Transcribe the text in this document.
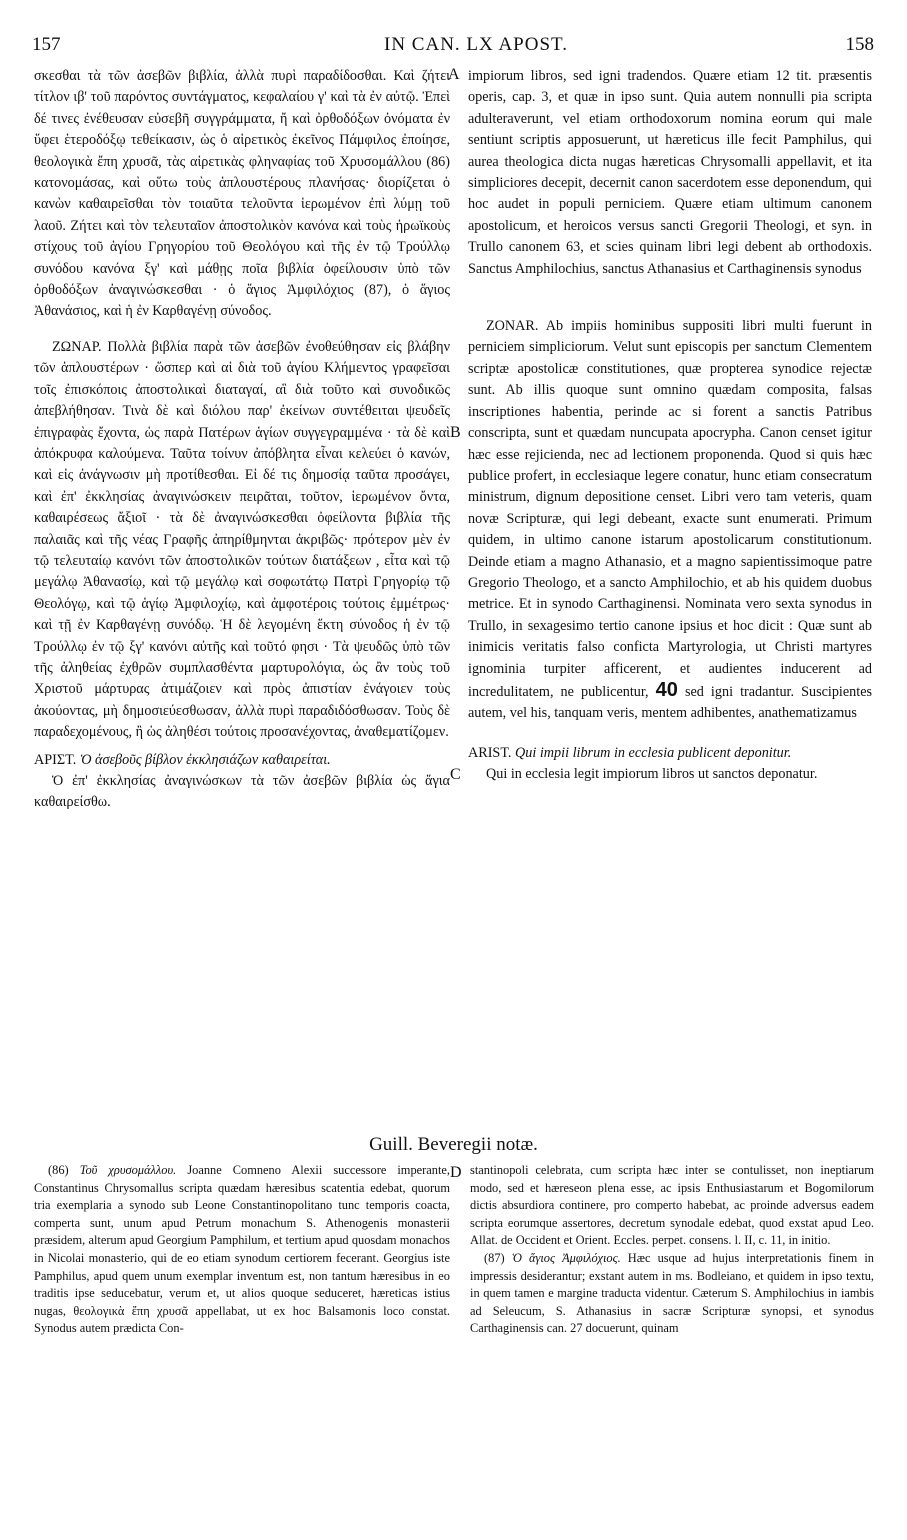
157	IN CAN. LX APOST.	158
A
B
C
D

σκεσθαι τὰ τῶν ἀσεβῶν βιβλία, ἀλλὰ πυρὶ παραδίδοσθαι. Καὶ ζήτει τίτλον ιβ' τοῦ παρόντος συντάγματος, κεφαλαίου γ' καὶ τὰ ἐν αὐτῷ. Ἐπεὶ δέ τινες ἐνέθευσαν εὐσεβῆ συγγράμματα, ἤ καὶ ὀρθοδόξων ὀνόματα ἐν ὕφει ἑτεροδόξῳ τεθείκασιν, ὡς ὁ αἱρετικὸς ἐκεῖνος Πάμφιλος ἐποίησε, θεολογικὰ ἔπη χρυσᾶ, τὰς αἱρετικὰς φληναφίας τοῦ Χρυσομάλλου (86) κατονομάσας, καὶ οὕτω τοὺς ἁπλουστέρους πλανήσας· διορίζεται ὁ κανὼν καθαιρεῖσθαι τὸν τοιαῦτα τελοῦντα ἱερωμένον ἐπὶ λύμῃ τοῦ λαοῦ. Ζήτει καὶ τὸν τελευταῖον ἀποστολικὸν κανόνα καὶ τοὺς ἡρωϊκοὺς στίχους τοῦ ἁγίου Γρηγορίου τοῦ Θεολόγου καὶ τῆς ἐν τῷ Τρούλλῳ συνόδου κανόνα ξγ' καὶ μάθῃς ποῖα βιβλία ὀφείλουσιν ὑπὸ τῶν ὀρθοδόξων ἀναγινώσκεσθαι · ὁ ἅγιος Ἀμφιλόχιος (87), ὁ ἅγιος Ἀθανάσιος, καὶ ἡ ἐν Καρθαγένῃ σύνοδος.

ΖΩΝΑΡ. Πολλὰ βιβλία παρὰ τῶν ἀσεβῶν ἐνοθεύθησαν εἰς βλάβην τῶν ἁπλουστέρων · ὥσπερ καὶ αἱ διὰ τοῦ ἁγίου Κλήμεντος γραφεῖσαι τοῖς ἐπισκόποις ἀποστολικαὶ διαταγαί, αἳ διὰ τοῦτο καὶ συνοδικῶς ἀπεβλήθησαν. Τινὰ δὲ καὶ διόλου παρ' ἐκείνων συντέθειται ψευδεῖς ἐπιγραφὰς ἔχοντα, ὡς παρὰ Πατέρων ἁγίων συγγεγραμμένα · τὰ δὲ καὶ ἀπόκρυφα καλούμενα. Ταῦτα τοίνυν ἀπόβλητα εἶναι κελεύει ὁ κανών, καὶ εἰς ἀνάγνωσιν μὴ προτίθεσθαι. Εἰ δέ τις δημοσίᾳ ταῦτα προσάγει, καὶ ἐπ' ἐκκλησίας ἀναγινώσκειν πειρᾶται, τοῦτον, ἱερωμένον ὄντα, καθαιρέσεως ἄξιοῖ · τὰ δὲ ἀναγινώσκεσθαι ὀφείλοντα βιβλία τῆς παλαιᾶς καὶ τῆς νέας Γραφῆς ἀπηρίθμηνται ἀκριβῶς· πρότερον μὲν ἐν τῷ τελευταίῳ κανόνι τῶν ἀποστολικῶν τούτων διατάξεων , εἶτα καὶ τῷ μεγάλῳ Ἀθανασίῳ, καὶ τῷ μεγάλῳ καὶ σοφωτάτῳ Πατρὶ Γρηγορίῳ τῷ Θεολόγῳ, καὶ τῷ ἁγίῳ Ἀμφιλοχίῳ, καὶ ἀμφοτέροις τούτοις ἐμμέτρως· καὶ τῇ ἐν Καρθαγένῃ συνόδῳ. Ἡ δὲ λεγομένη ἕκτη σύνοδος ἡ ἐν τῷ Τρούλλῳ ἐν τῷ ξγ' κανόνι αὐτῆς καὶ τοῦτό φησι · Τὰ ψευδῶς ὑπὸ τῶν τῆς ἀληθείας ἐχθρῶν συμπλασθέντα μαρτυρολόγια, ὡς ἂν τοὺς τοῦ Χριστοῦ μάρτυρας ἀτιμάζοιεν καὶ πρὸς ἀπιστίαν ἐνάγοιεν τοὺς ἀκούοντας, μὴ δημοσιεύεσθωσαν, ἀλλὰ πυρὶ παραδιδόσθωσαν. Τοὺς δὲ παραδεχομένους, ἢ ὡς ἀληθέσι τούτοις προσανέχοντας, ἀναθεματίζομεν.

ΑΡΙΣΤ. Ὁ ἀσεβοῦς βίβλον ἐκκλησιάζων καθαιρείται.

Ὁ ἐπ' ἐκκλησίας ἀναγινώσκων τὰ τῶν ἀσεβῶν βιβλία ὡς ἅγια καθαιρείσθω.

impiorum libros, sed igni tradendos. Quære etiam 12 tit. præsentis operis, cap. 3, et quæ in ipso sunt. Quia autem nonnulli pia scripta adulteraverunt, vel etiam orthodoxorum nomina eorum qui male sentiunt scriptis apposuerunt, ut hæreticus ille fecit Pamphilus, qui aurea theologica dicta nugas hæreticas Chrysomalli appellavit, et ita simpliciores decepit, decernit canon sacerdotem esse deponendum, qui hoc audet in populi perniciem. Quære etiam ultimum canonem apostolicum, et heroicos versus sancti Gregorii Theologi, et syn. in Trullo canonem 63, et scies quinam libri legi debent ab orthodoxis. Sanctus Amphilochius, sanctus Athanasius et Carthaginensis synodus

ZONAR. Ab impiis hominibus suppositi libri multi fuerunt in perniciem simpliciorum. Velut sunt episcopis per sanctum Clementem scriptæ apostolicæ constitutiones, quæ propterea synodice rejectæ sunt. Ab illis quoque sunt omnino quædam composita, falsas inscriptiones habentia, perinde ac si forent a sanctis Patribus conscripta, sunt et quædam nuncupata apocrypha. Canon censet igitur hæc esse rejicienda, nec ad lectionem proponenda. Quod si quis hæc publice profert, in ecclesiaque legere conatur, hunc etiam consecratum ministrum, dignum depositione censet. Libri vero tam veteris, quam novæ Scripturæ, qui legi debeant, exacte sunt enumerati. Primum quidem, in ultimo canone istarum apostolicarum constitutionum. Deinde etiam a magno Athanasio, et a magno sapientissimoque patre Gregorio Theologo, et a sancto Amphilochio, et ab his quidem duobus metrice. Et in synodo Carthaginensi. Nominata vero sexta synodus in Trullo, in sexagesimo tertio canone ipsius et hoc dicit : Quæ sunt ab inimicis veritatis falso conficta Martyrologia, ut Christi martyres ignominia turpiter afficerent, et audientes inducerent ad incredulitatem, ne publicentur, 40 sed igni tradantur. Suscipientes autem, vel his, tanquam veris, mentem adhibentes, anathematizamus

ARIST. Qui impii librum in ecclesia publicent deponitur.

Qui in ecclesia legit impiorum libros ut sanctos deponatur.

Guill. Beveregii notæ.

(86) Τοῦ χρυσομάλλου. Joanne Comneno Alexii successore imperante, Constantinus Chrysomallus scripta quædam hæresibus scatentia edebat, quorum tria exemplaria a synodo sub Leone Constantinopolitano tunc temporis coacta, comperta sunt, unum apud Petrum monachum S. Athenogenis monasterii præsidem, alterum apud Georgium Pamphilum, et tertium apud quosdam monachos in Nicolai monasterio, qui de eo etiam synodum certiorem fecerant. Georgius iste Pamphilus, apud quem unum exemplar inventum est, non tantum hæresibus in eo traditis ipse seducebatur, verum et, ut alios quoque seduceret, hæreticas istius nugas, θεολογικὰ ἔπη χρυσᾶ appellabat, ut ex hoc Balsamonis loco constat. Synodus autem prædicta Con-

stantinopoli celebrata, cum scripta hæc inter se contulisset, non ineptiarum modo, sed et hæreseon plena esse, ac ipsis Enthusiastarum et Bogomilorum dictis absurdiora continere, pro comperto habebat, ac proinde adversus eadem scripta eorumque assertores, decretum synodale edebat, quod exstat apud Leo. Allat. de Occident et Orient. Eccles. perpet. consens. l. II, c. 11, in initio.

(87) Ὁ ἅγιος Ἀμφιλόχιος. Hæc usque ad hujus interpretationis finem in impressis desiderantur; exstant autem in ms. Bodleiano, et quidem in ipso textu, in quem tamen e margine traducta videntur. Cæterum S. Amphilochius in iambis ad Seleucum, S. Athanasius in sacræ Scripturæ synopsi, et synodus Carthaginensis can. 27 docuerunt, quinam
